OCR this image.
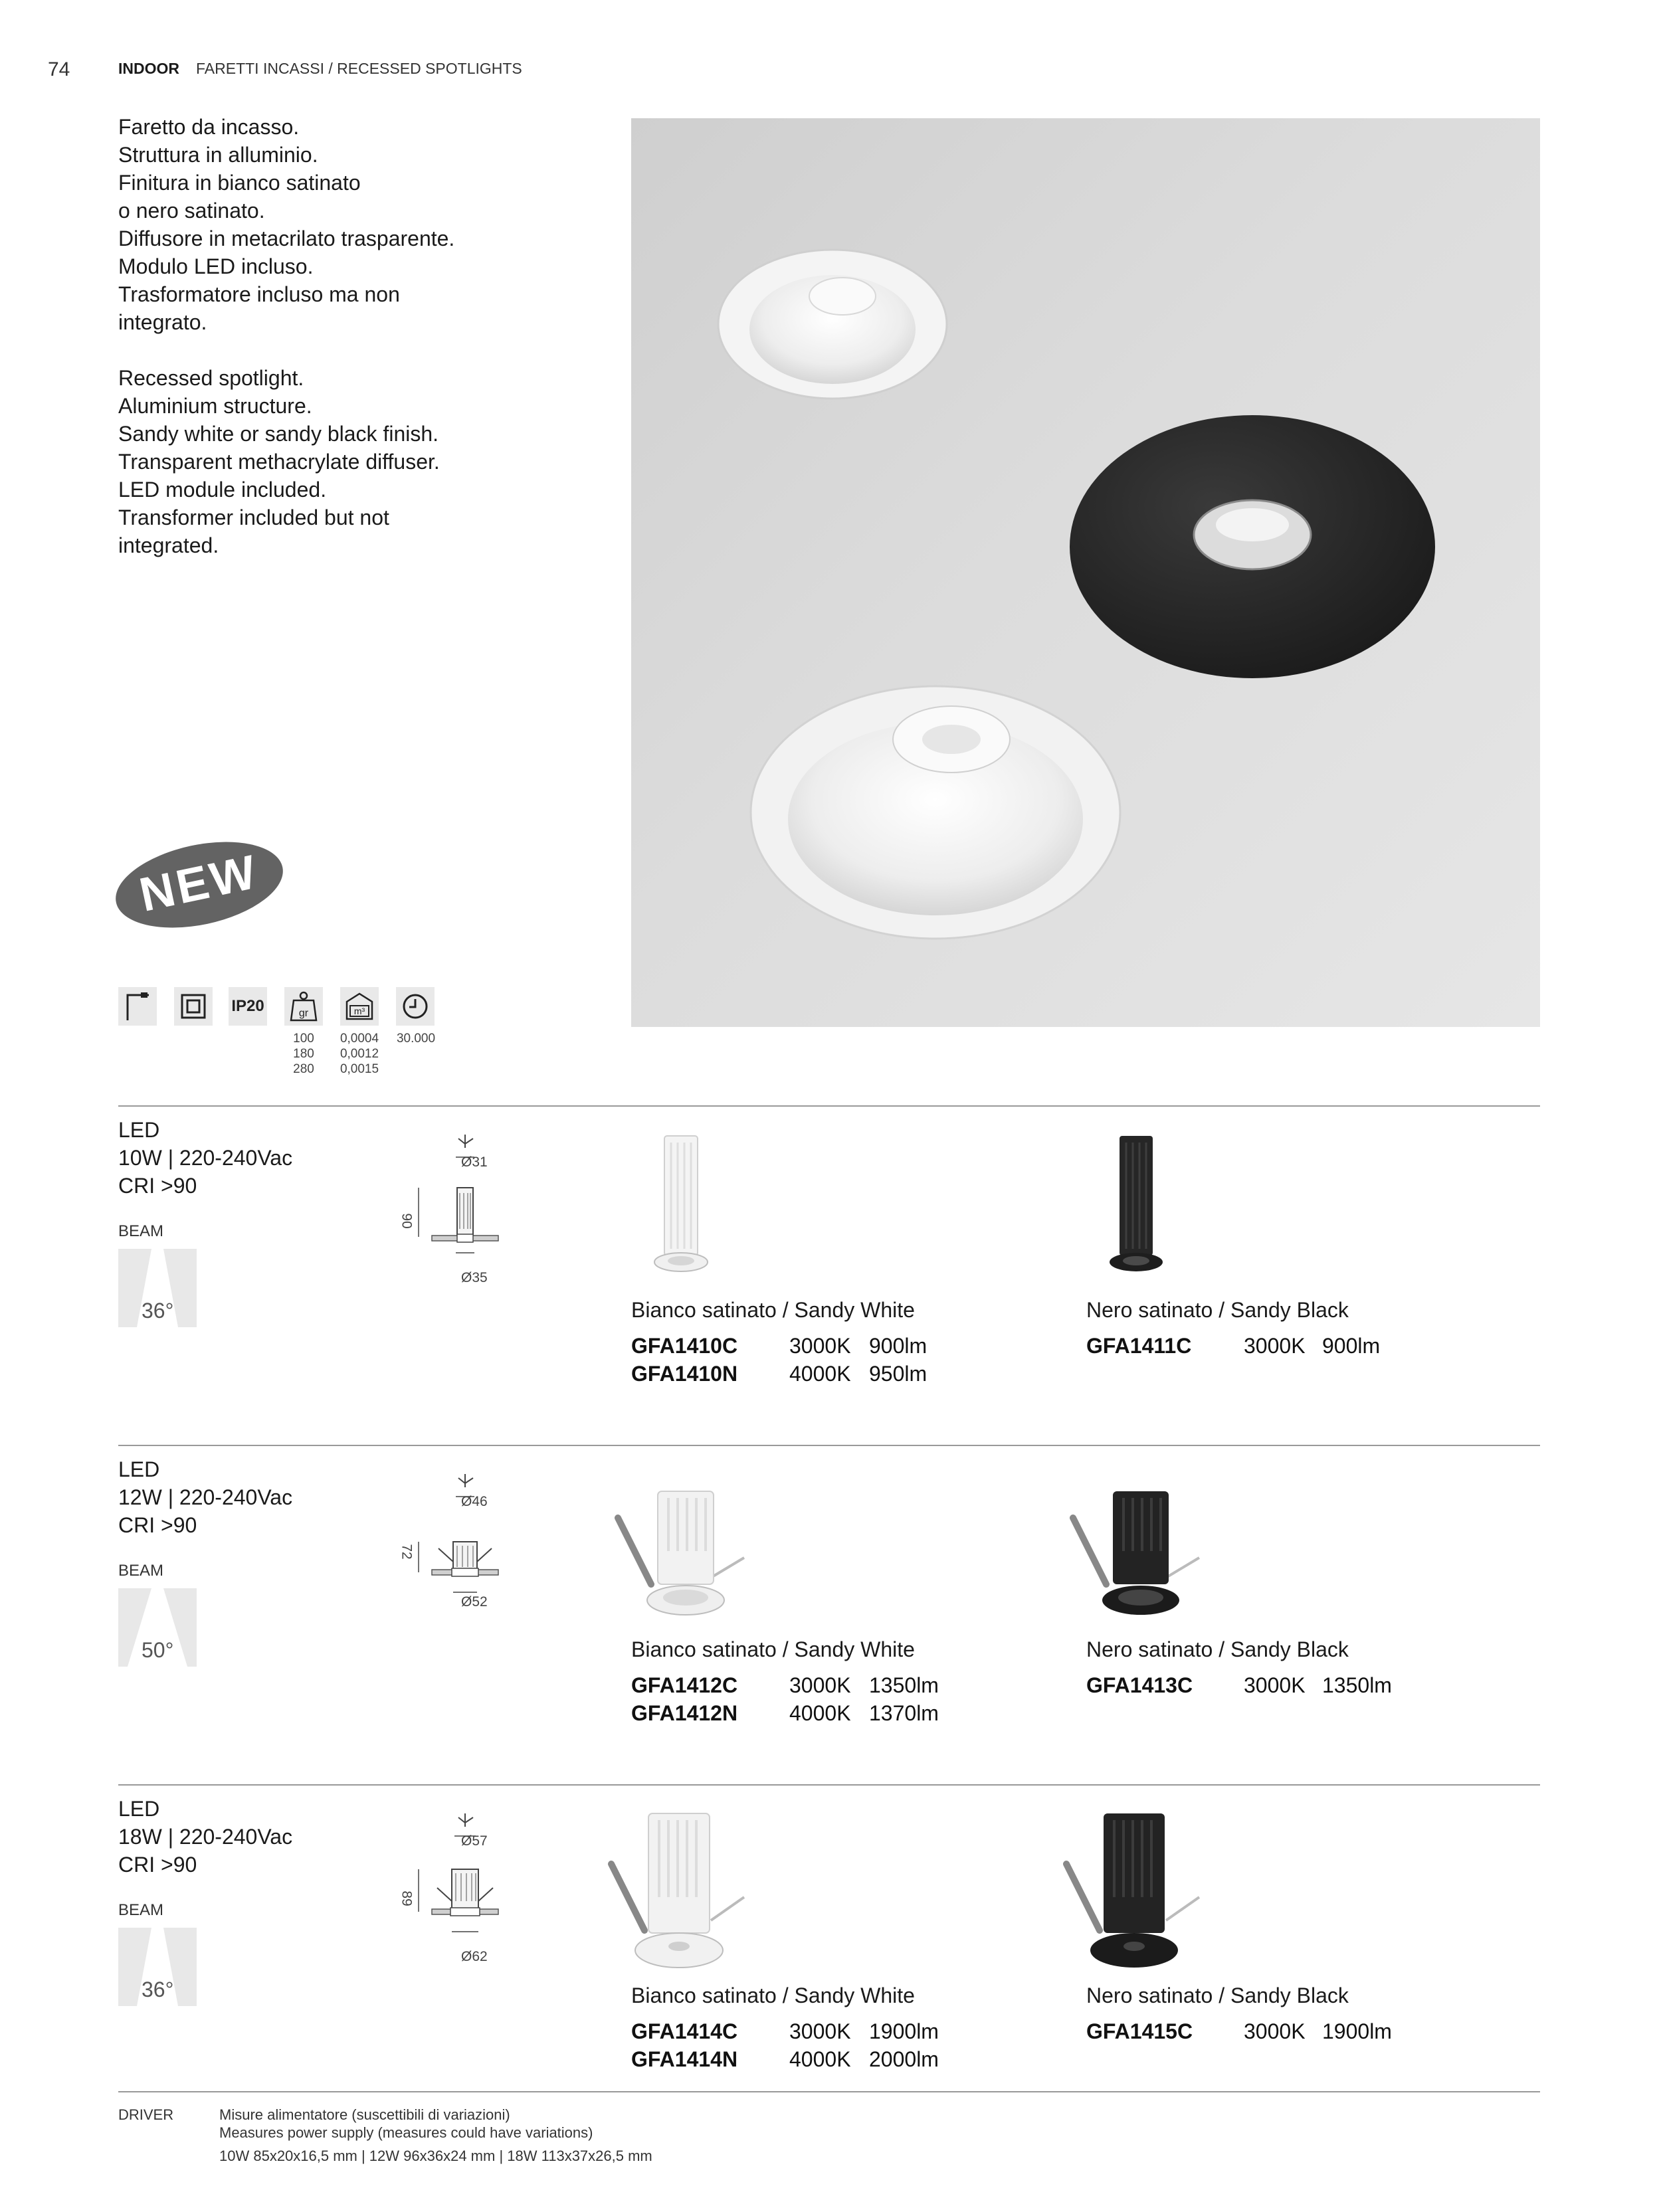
74	INDOOR FARETTI INCASSI / RECESSED SPOTLIGHTS

Faretto da incasso.

Struttura in alluminio.

Finitura in bianco satinato

o nero satinato.

Diffusore in metacrilato trasparente.

Modulo LED incluso.

Trasformatore incluso ma non

integrato.

Recessed spotlight.

Aluminium structure.

Sandy white or sandy black finish.

Transparent methacrylate diffuser.

LED module included.

Transformer included but not

integrated.

NEW
IP20	gr	m³
100
180
280
0,0004
0,0012
0,0015
30.000
LED
10W | 220-240Vac
CRI >90
BEAM
36°
Ø31
90
Ø35
Bianco satinato / Sandy White
GFA1410C 3000K 900lm
GFA1410N 4000K 950lm
Nero satinato / Sandy Black
GFA1411C 3000K 900lm
LED
12W | 220-240Vac
CRI >90
BEAM
50°
Ø46
72
Ø52
Bianco satinato / Sandy White
GFA1412C 3000K 1350lm
GFA1412N 4000K 1370lm
Nero satinato / Sandy Black
GFA1413C 3000K 1350lm
LED
18W | 220-240Vac
CRI >90
BEAM
36°
Ø57
89
Ø62
Bianco satinato / Sandy White
GFA1414C 3000K 1900lm
GFA1414N 4000K 2000lm
Nero satinato / Sandy Black
GFA1415C 3000K 1900lm
DRIVER	Misure alimentatore (suscettibili di variazioni)
Measures power supply (measures could have variations)
10W 85x20x16,5 mm | 12W 96x36x24 mm | 18W 113x37x26,5 mm
